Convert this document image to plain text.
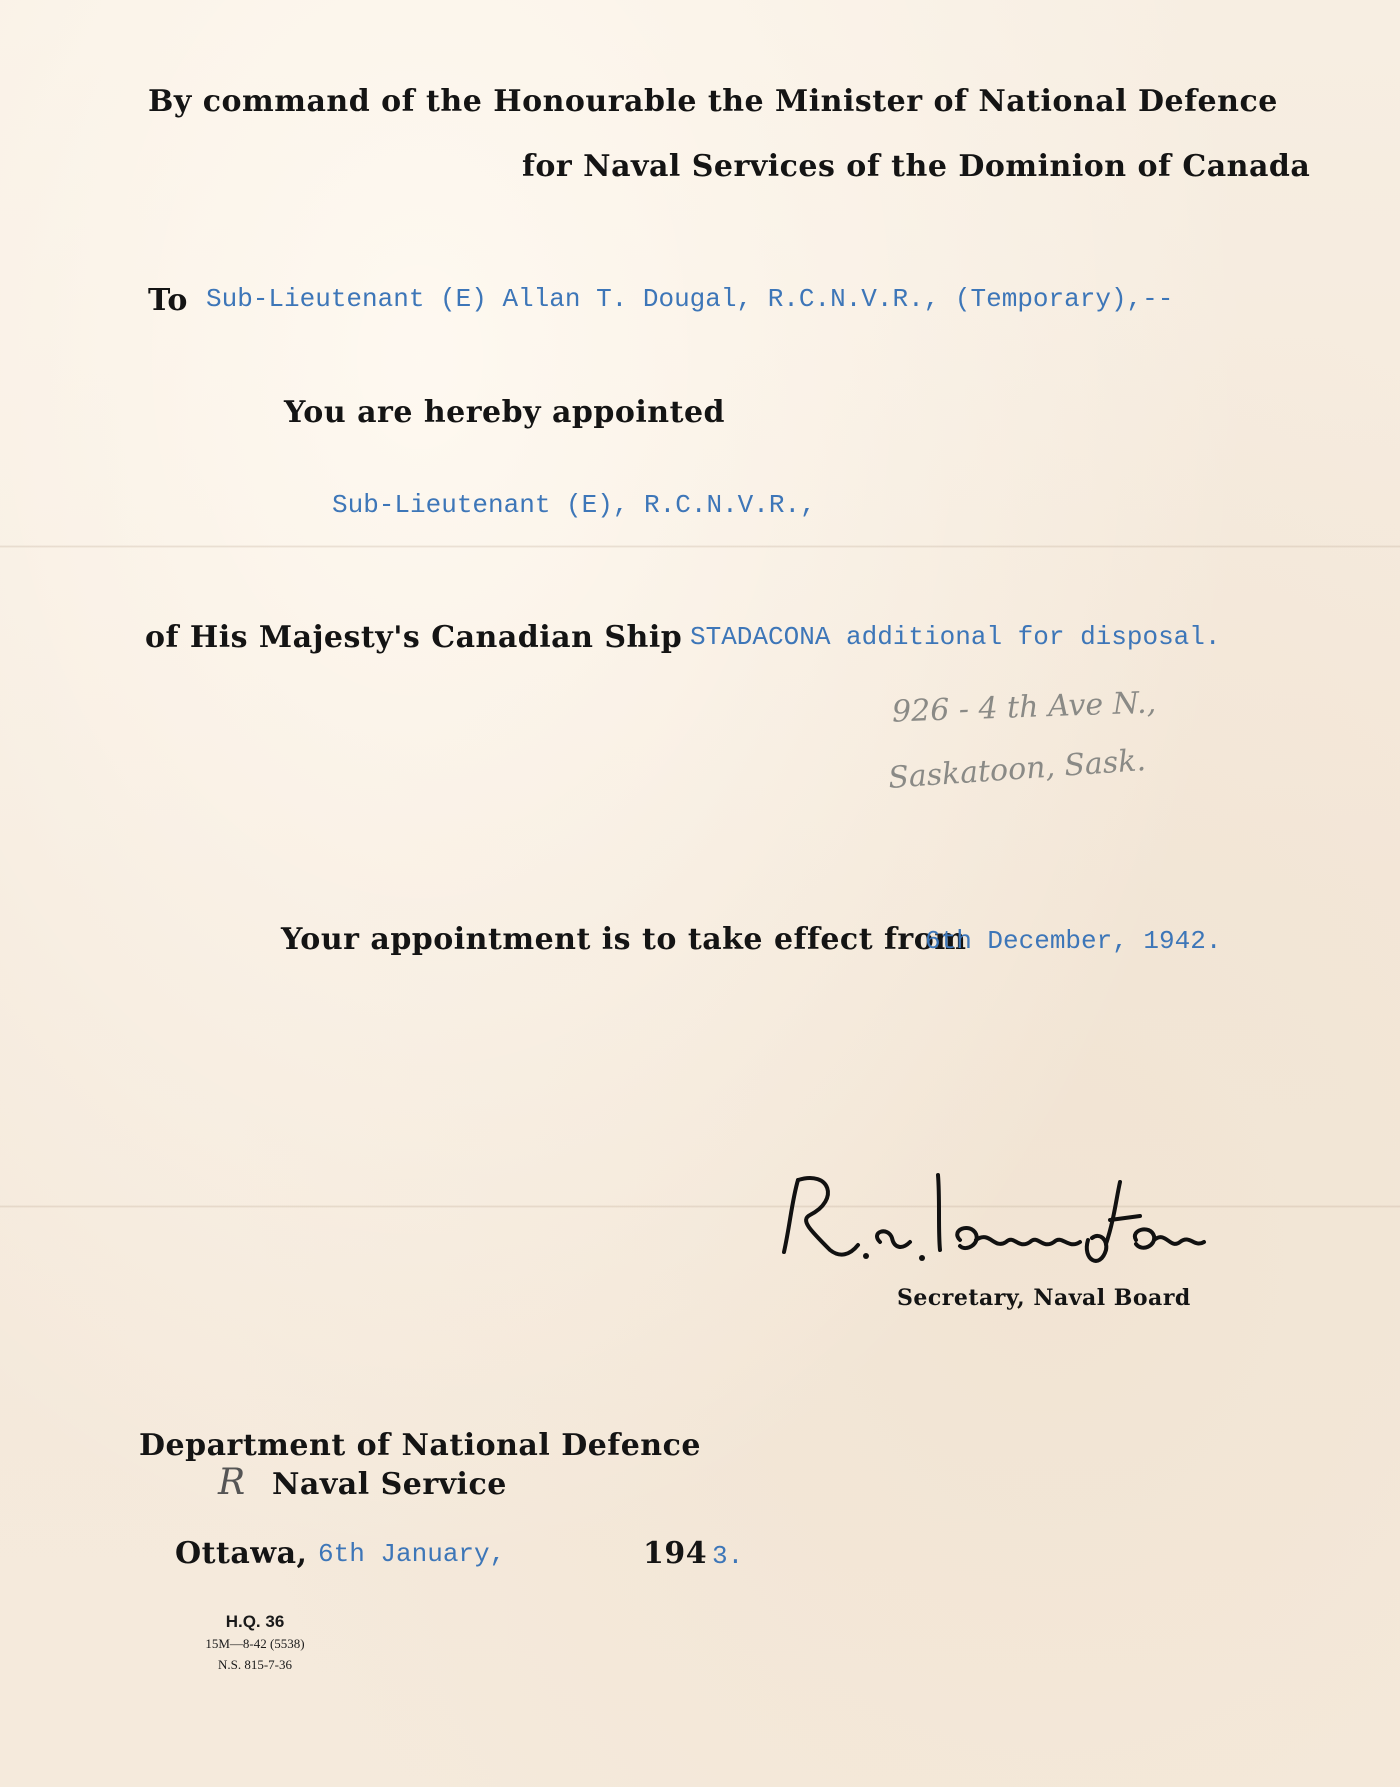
By command of the Honourable the Minister of National Defence
for Naval Services of the Dominion of Canada
To Sub-Lieutenant (E) Allan T. Dougal, R.C.N.V.R., (Temporary),--
You are hereby appointed
Sub-Lieutenant (E), R.C.N.V.R.,
of His Majesty's Canadian Ship STADACONA additional for disposal.
926 - 4 th Ave N.,
Saskatoon, Sask.
Your appointment is to take effect from
6th December, 1942.
Secretary, Naval Board
Department of National Defence
R Naval Service
Ottawa, 6th January,	194 3.
H.Q. 36
15M—8-42 (5538)
N.S. 815-7-36
